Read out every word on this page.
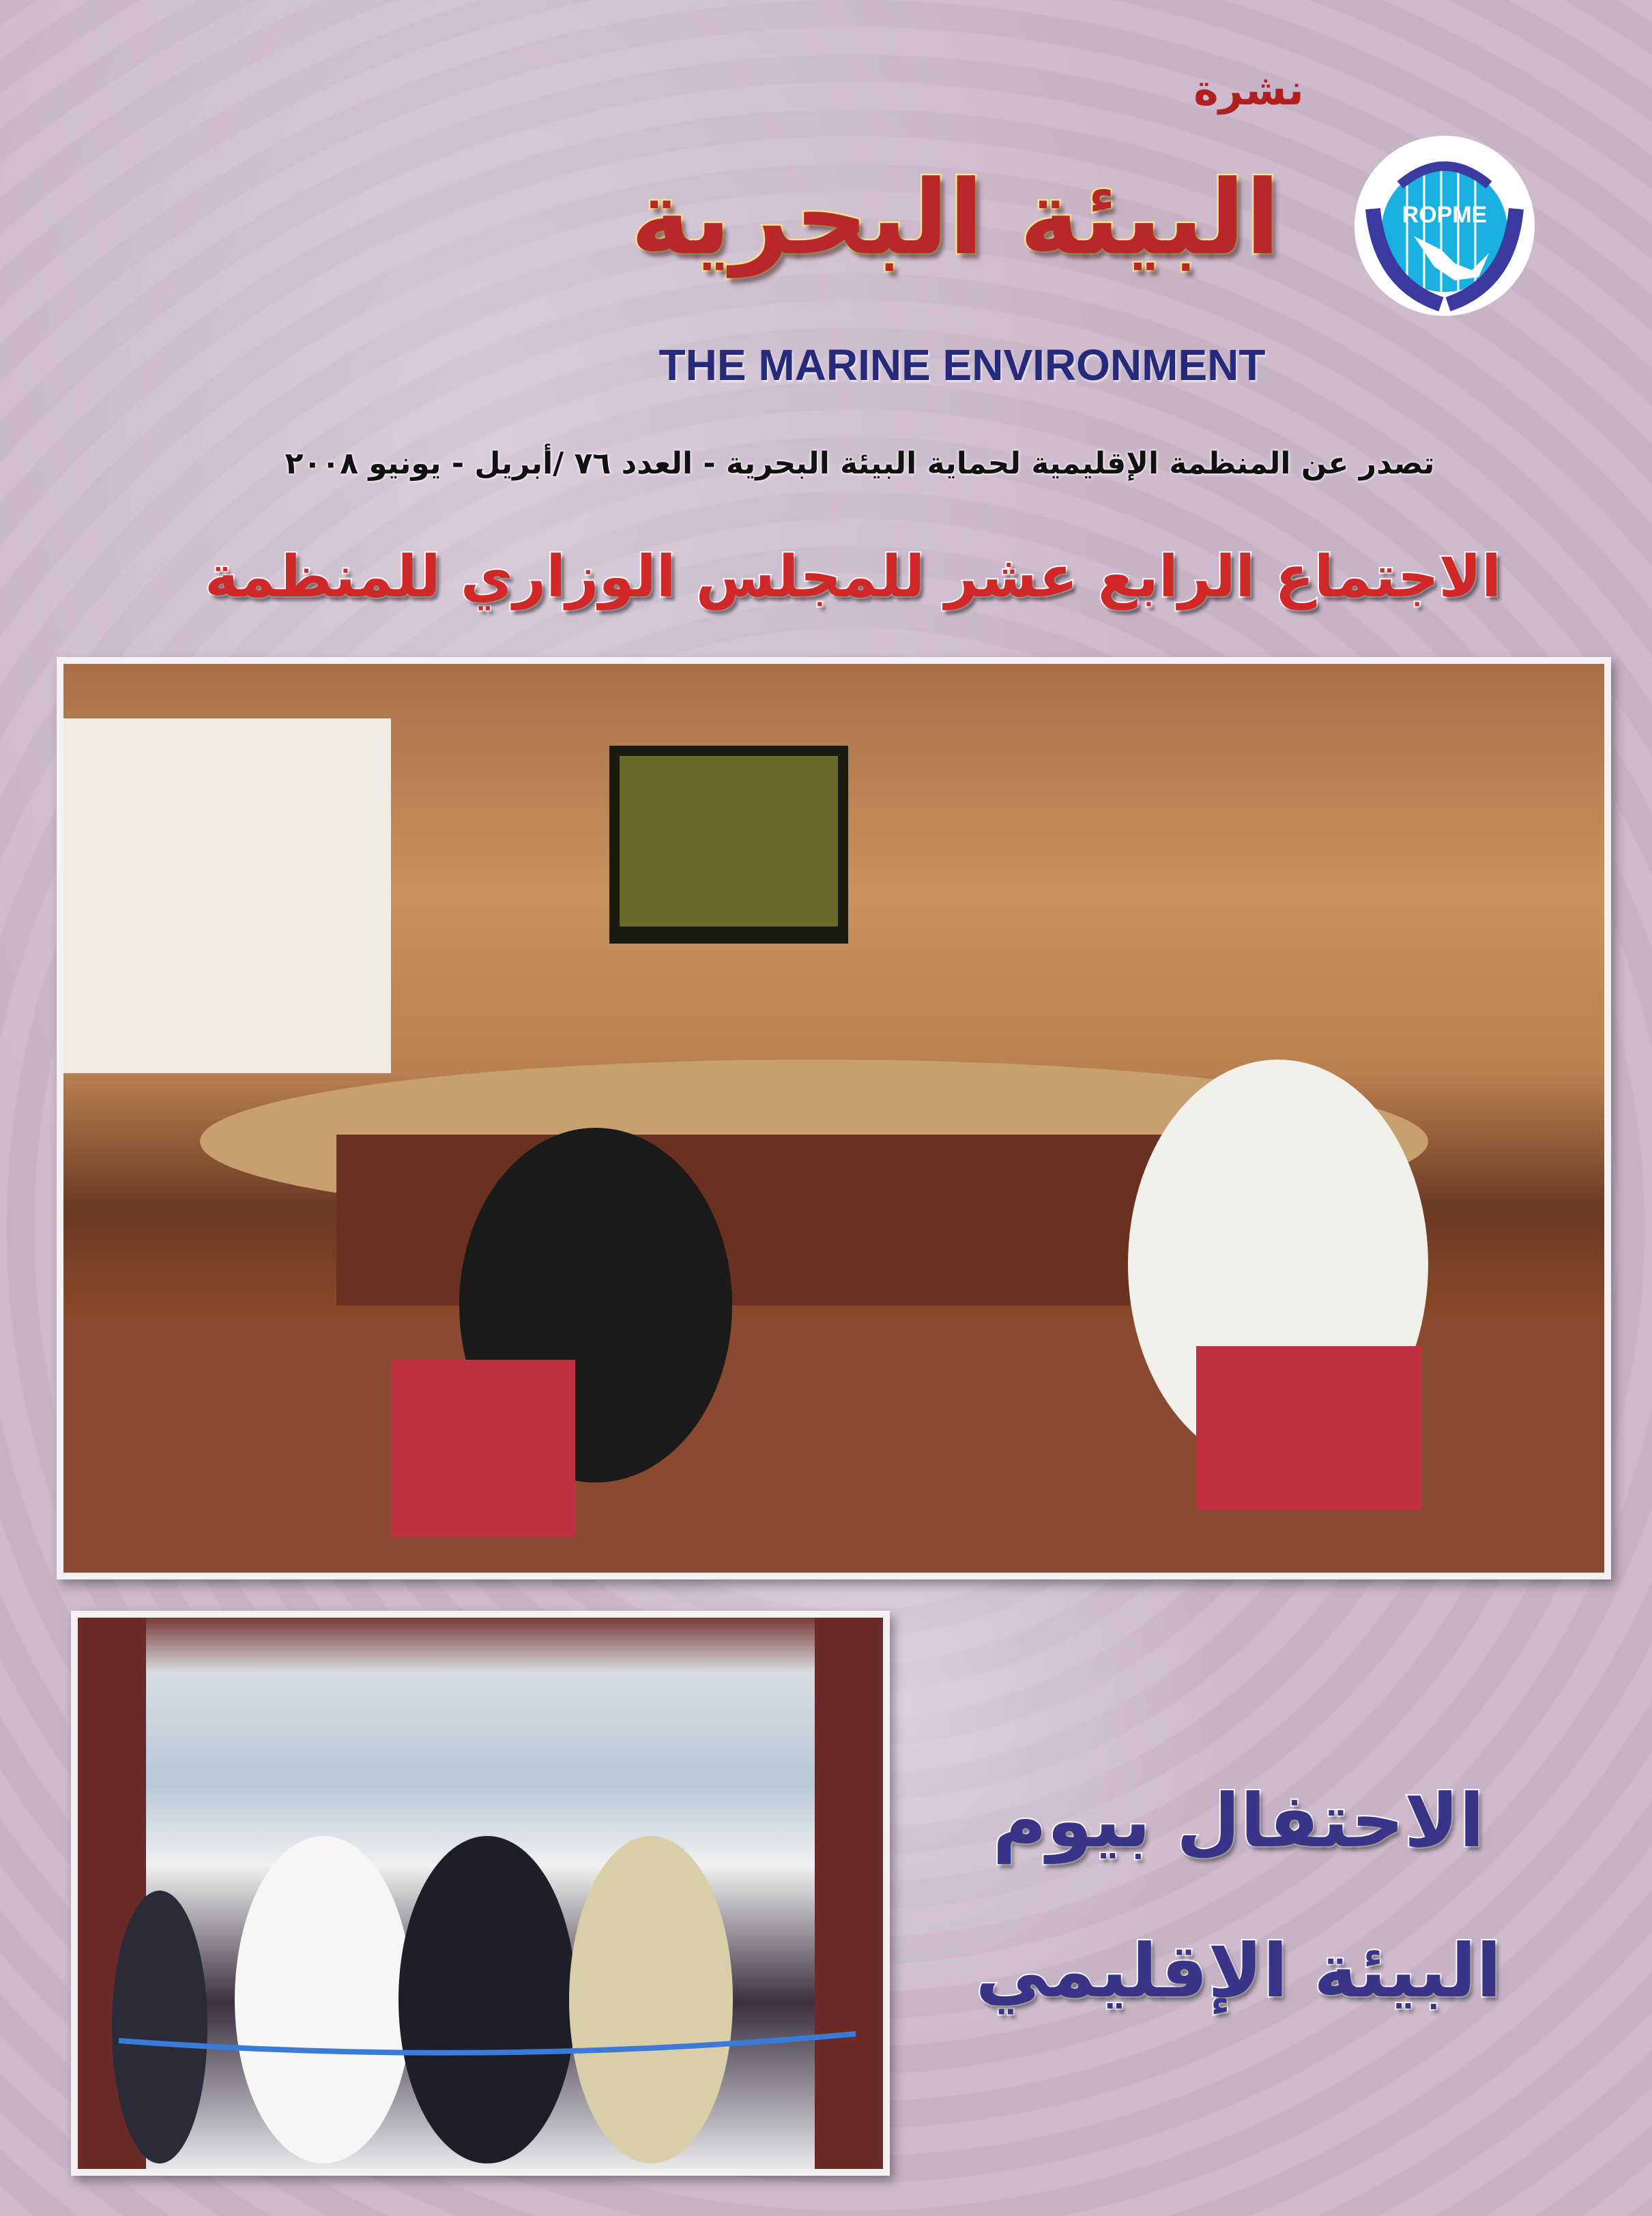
نشرة
البيئة البحرية
THE MARINE ENVIRONMENT
ROPME
تصدر عن المنظمة الإقليمية لحماية البيئة البحرية - العدد ٧٦ /أبريل - يونيو ٢٠٠٨
الاجتماع الرابع عشر للمجلس الوزاري للمنظمة
الاحتفال بيوم
البيئة الإقليمي
